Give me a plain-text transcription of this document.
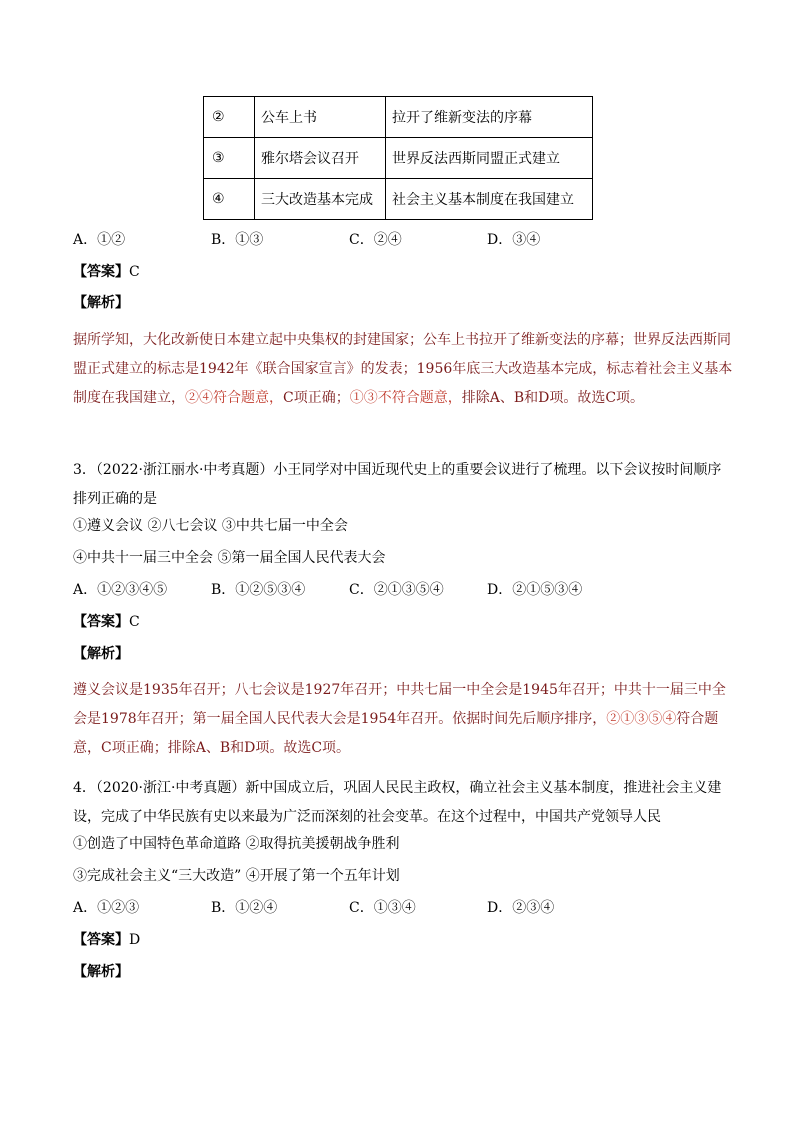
②	公车上书	拉开了维新变法的序幕
③	雅尔塔会议召开	世界反法西斯同盟正式建立
④	三大改造基本完成	社会主义基本制度在我国建立
A．①②	B．①③	C．②④	D．③④
【答案】C
【解析】
据所学知，大化改新使日本建立起中央集权的封建国家；公车上书拉开了维新变法的序幕；世界反法西斯同盟正式建立的标志是1942年《联合国家宣言》的发表；1956年底三大改造基本完成，标志着社会主义基本制度在我国建立，②④符合题意，C项正确；①③不符合题意，排除A、B和D项。故选C项。
3．（2022·浙江丽水·中考真题）小王同学对中国近现代史上的重要会议进行了梳理。以下会议按时间顺序排列正确的是
①遵义会议 ②八七会议 ③中共七届一中全会
④中共十一届三中全会 ⑤第一届全国人民代表大会
A．①②③④⑤	B．①②⑤③④	C．②①③⑤④	D．②①⑤③④
【答案】C
【解析】
遵义会议是1935年召开；八七会议是1927年召开；中共七届一中全会是1945年召开；中共十一届三中全会是1978年召开；第一届全国人民代表大会是1954年召开。依据时间先后顺序排序，②①③⑤④符合题意，C项正确；排除A、B和D项。故选C项。
4．（2020·浙江·中考真题）新中国成立后，巩固人民民主政权，确立社会主义基本制度，推进社会主义建设，完成了中华民族有史以来最为广泛而深刻的社会变革。在这个过程中，中国共产党领导人民
①创造了中国特色革命道路 ②取得抗美援朝战争胜利
③完成社会主义“三大改造” ④开展了第一个五年计划
A．①②③	B．①②④	C．①③④	D．②③④
【答案】D
【解析】
